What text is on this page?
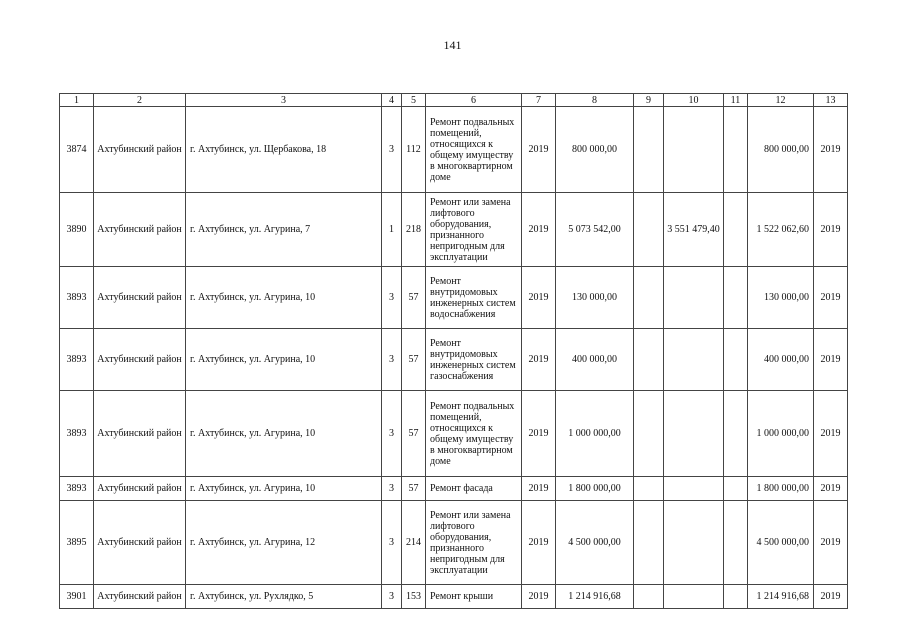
141
1	2	3	4	5	6	7	8	9	10	11	12	13
3874	Ахтубинский район	г. Ахтубинск, ул. Щербакова, 18	3	112	Ремонт подвальных помещений, относящихся к общему имуществу в многоквартирном доме	2019	800 000,00				800 000,00	2019
3890	Ахтубинский район	г. Ахтубинск, ул. Агурина, 7	1	218	Ремонт или замена лифтового оборудования, признанного непригодным для эксплуатации	2019	5 073 542,00		3 551 479,40		1 522 062,60	2019
3893	Ахтубинский район	г. Ахтубинск, ул. Агурина, 10	3	57	Ремонт внутридомовых инженерных систем водоснабжения	2019	130 000,00				130 000,00	2019
3893	Ахтубинский район	г. Ахтубинск, ул. Агурина, 10	3	57	Ремонт внутридомовых инженерных систем газоснабжения	2019	400 000,00				400 000,00	2019
3893	Ахтубинский район	г. Ахтубинск, ул. Агурина, 10	3	57	Ремонт подвальных помещений, относящихся к общему имуществу в многоквартирном доме	2019	1 000 000,00				1 000 000,00	2019
3893	Ахтубинский район	г. Ахтубинск, ул. Агурина, 10	3	57	Ремонт фасада	2019	1 800 000,00				1 800 000,00	2019
3895	Ахтубинский район	г. Ахтубинск, ул. Агурина, 12	3	214	Ремонт или замена лифтового оборудования, признанного непригодным для эксплуатации	2019	4 500 000,00				4 500 000,00	2019
3901	Ахтубинский район	г. Ахтубинск, ул. Рухлядко, 5	3	153	Ремонт крыши	2019	1 214 916,68				1 214 916,68	2019
